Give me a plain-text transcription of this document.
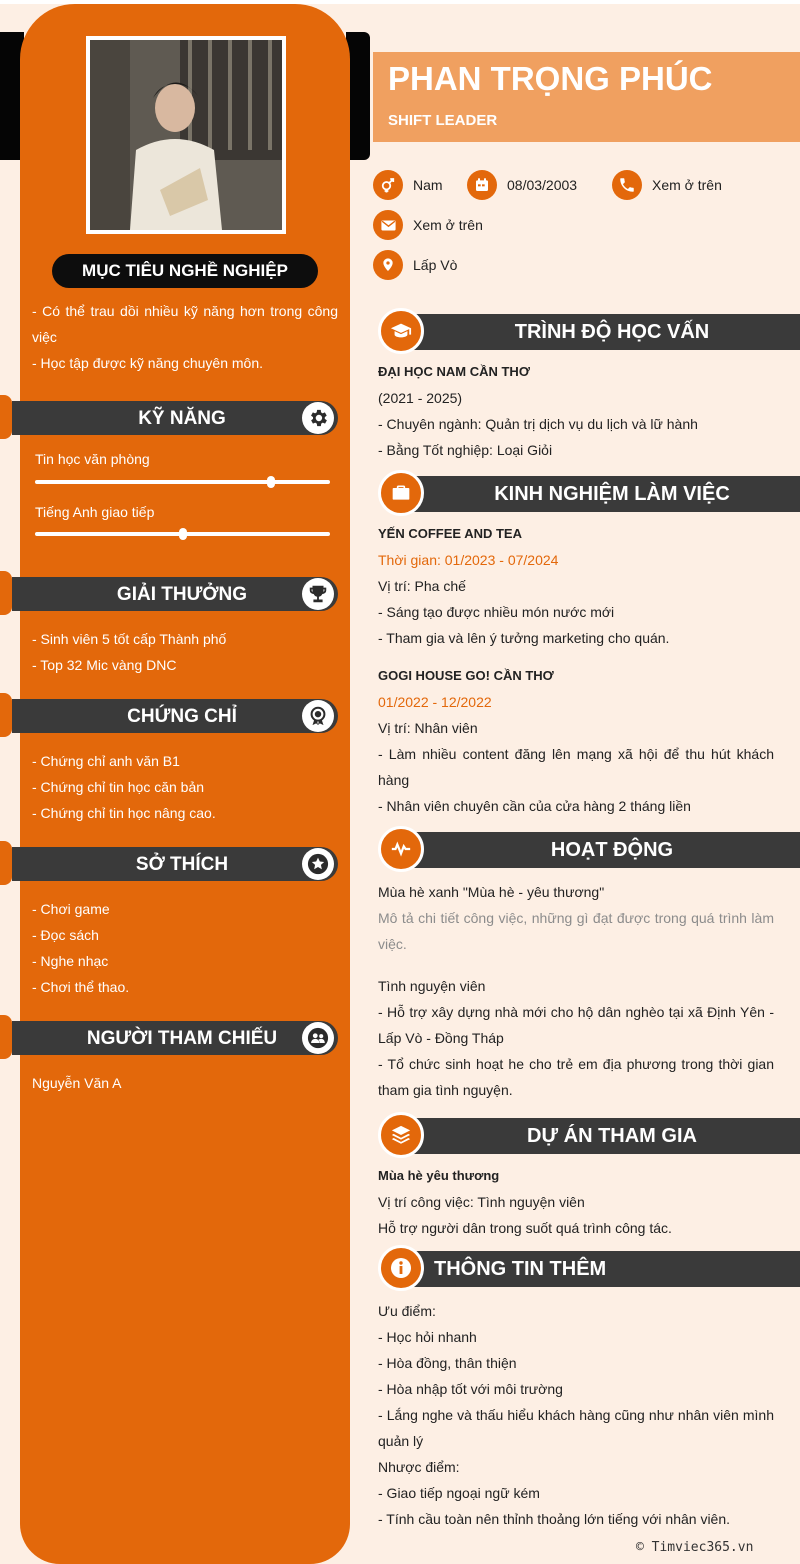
MỤC TIÊU NGHỀ NGHIỆP
- Có thể trau dồi nhiều kỹ năng hơn trong công việc
- Học tập được kỹ năng chuyên môn.
KỸ NĂNG
Tin học văn phòng
Tiếng Anh giao tiếp
GIẢI THƯỞNG
- Sinh viên 5 tốt cấp Thành phố
- Top 32 Mic vàng DNC
CHỨNG CHỈ
- Chứng chỉ anh văn B1
- Chứng chỉ tin học căn bản
- Chứng chỉ tin học nâng cao.
SỞ THÍCH
- Chơi game
- Đọc sách
- Nghe nhạc
- Chơi thể thao.
NGƯỜI THAM CHIẾU
Nguyễn Văn A
PHAN TRỌNG PHÚC
SHIFT LEADER
Nam	08/03/2003	Xem ở trên
Xem ở trên
Lấp Vò
TRÌNH ĐỘ HỌC VẤN
ĐẠI HỌC NAM CẦN THƠ
(2021 - 2025)
- Chuyên ngành: Quản trị dịch vụ du lịch và lữ hành
- Bằng Tốt nghiệp: Loại Giỏi
KINH NGHIỆM LÀM VIỆC
YẾN COFFEE AND TEA
Thời gian: 01/2023 - 07/2024
Vị trí: Pha chế
- Sáng tạo được nhiều món nước mới
- Tham gia và lên ý tưởng marketing cho quán.
GOGI HOUSE GO! CẦN THƠ
01/2022 - 12/2022
Vị trí: Nhân viên
- Làm nhiều content đăng lên mạng xã hội để thu hút khách hàng
- Nhân viên chuyên cần của cửa hàng 2 tháng liền
HOẠT ĐỘNG
Mùa hè xanh "Mùa hè - yêu thương"
Mô tả chi tiết công việc, những gì đạt được trong quá trình làm việc.
Tình nguyện viên
- Hỗ trợ xây dựng nhà mới cho hộ dân nghèo tại xã Định Yên - Lấp Vò - Đồng Tháp
- Tổ chức sinh hoạt he cho trẻ em địa phương trong thời gian tham gia tình nguyện.
DỰ ÁN THAM GIA
Mùa hè yêu thương
Vị trí công việc: Tình nguyện viên
Hỗ trợ người dân trong suốt quá trình công tác.
THÔNG TIN THÊM
Ưu điểm:
- Học hỏi nhanh
- Hòa đồng, thân thiện
- Hòa nhập tốt với môi trường
- Lắng nghe và thấu hiểu khách hàng cũng như nhân viên mình quản lý
Nhược điểm:
- Giao tiếp ngoại ngữ kém
- Tính cầu toàn nên thỉnh thoảng lớn tiếng với nhân viên.
© Timviec365.vn
